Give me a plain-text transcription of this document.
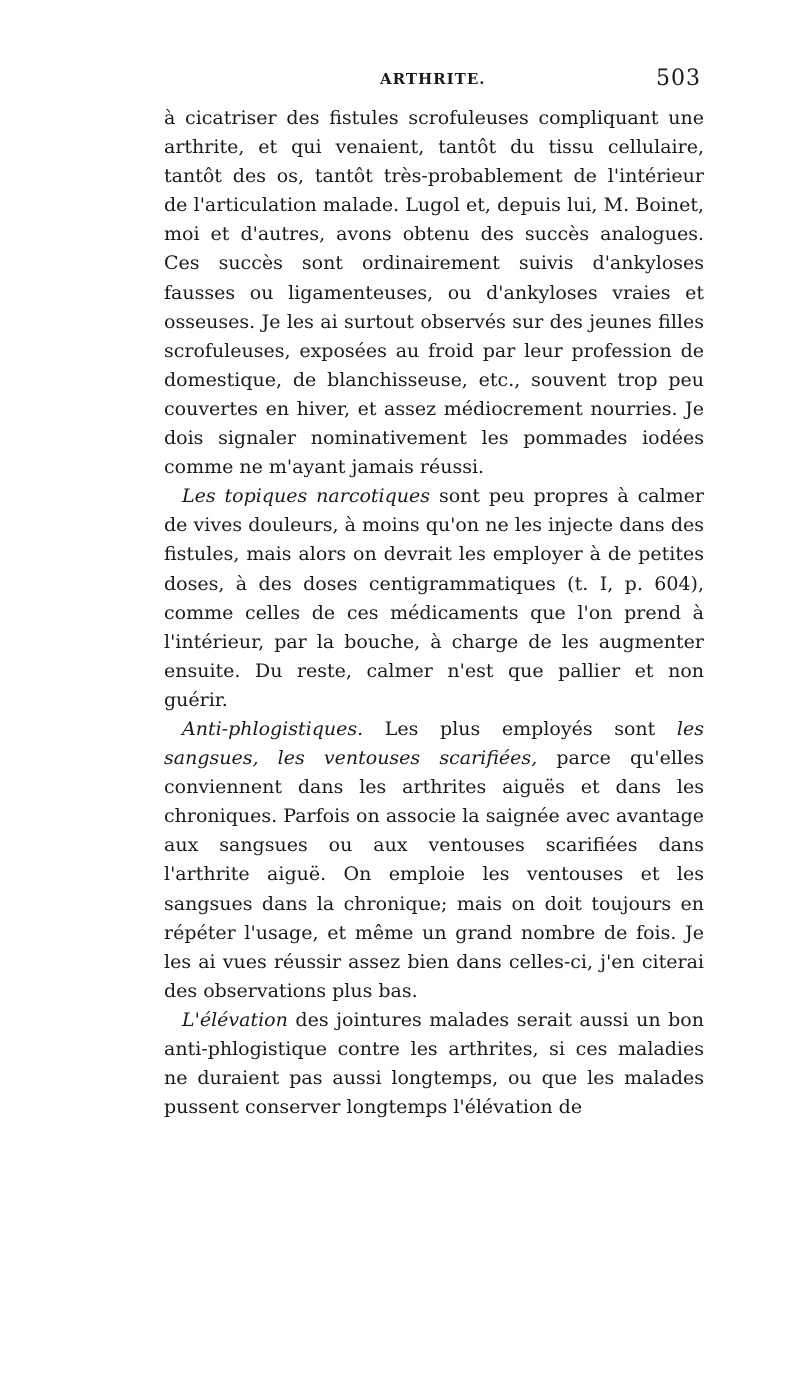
ARTHRITE.	503

à cicatriser des fistules scrofuleuses compliquant une arthrite, et qui venaient, tantôt du tissu cellulaire, tantôt des os, tantôt très-probablement de l'intérieur de l'articulation malade. Lugol et, depuis lui, M. Boinet, moi et d'autres, avons obtenu des succès analogues. Ces succès sont ordinairement suivis d'ankyloses fausses ou ligamenteuses, ou d'ankyloses vraies et osseuses. Je les ai surtout observés sur des jeunes filles scrofuleuses, exposées au froid par leur profession de domestique, de blanchisseuse, etc., souvent trop peu couvertes en hiver, et assez médiocrement nourries. Je dois signaler nominativement les pommades iodées comme ne m'ayant jamais réussi.

Les topiques narcotiques sont peu propres à calmer de vives douleurs, à moins qu'on ne les injecte dans des fistules, mais alors on devrait les employer à de petites doses, à des doses centigrammatiques (t. I, p. 604), comme celles de ces médicaments que l'on prend à l'intérieur, par la bouche, à charge de les augmenter ensuite. Du reste, calmer n'est que pallier et non guérir.

Anti-phlogistiques. Les plus employés sont les sangsues, les ventouses scarifiées, parce qu'elles conviennent dans les arthrites aiguës et dans les chroniques. Parfois on associe la saignée avec avantage aux sangsues ou aux ventouses scarifiées dans l'arthrite aiguë. On emploie les ventouses et les sangsues dans la chronique; mais on doit toujours en répéter l'usage, et même un grand nombre de fois. Je les ai vues réussir assez bien dans celles-ci, j'en citerai des observations plus bas.

L'élévation des jointures malades serait aussi un bon anti-phlogistique contre les arthrites, si ces maladies ne duraient pas aussi longtemps, ou que les malades pussent conserver longtemps l'élévation de
